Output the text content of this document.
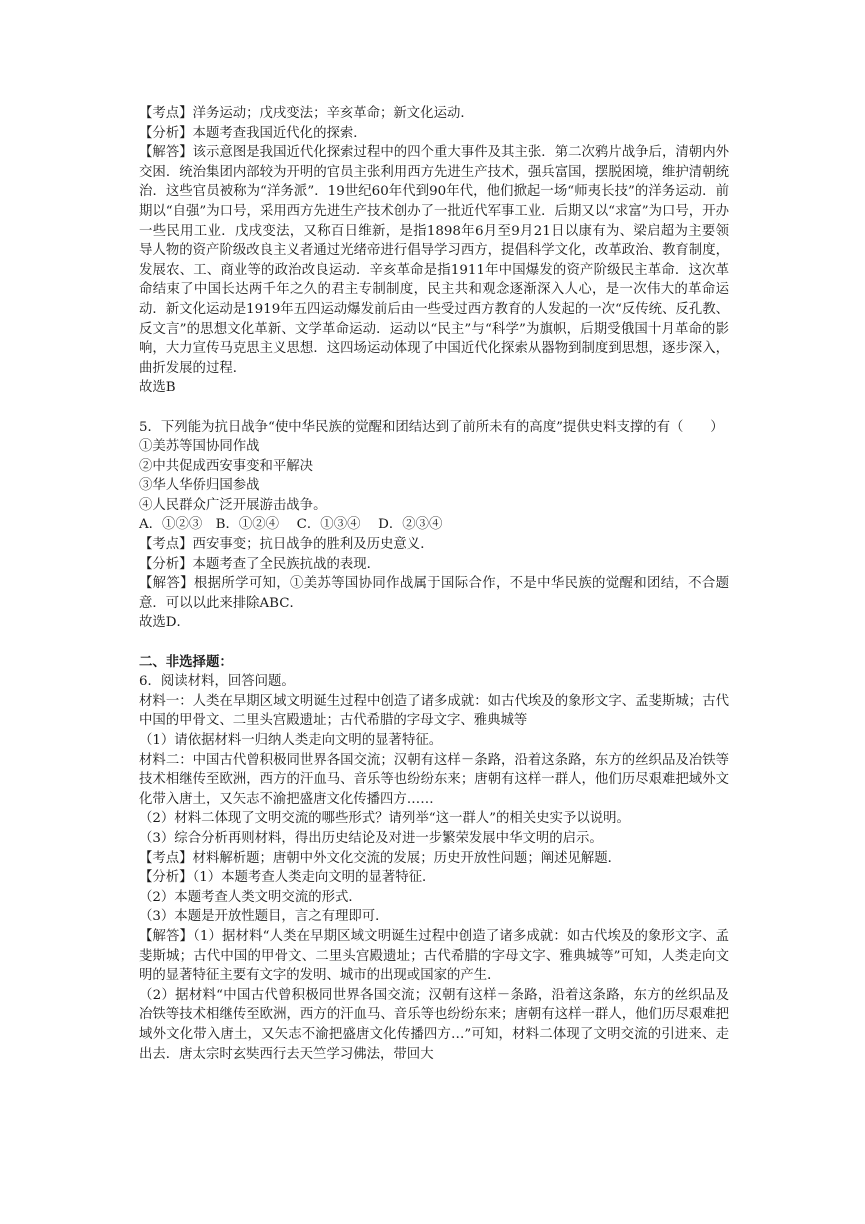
【考点】洋务运动；戊戌变法；辛亥革命；新文化运动．

【分析】本题考查我国近代化的探索．

【解答】该示意图是我国近代化探索过程中的四个重大事件及其主张．第二次鸦片战争后，清朝内外交困．统治集团内部较为开明的官员主张利用西方先进生产技术，强兵富国，摆脱困境，维护清朝统治．这些官员被称为“洋务派”．19世纪60年代到90年代，他们掀起一场“师夷长技”的洋务运动．前期以“自强”为口号，采用西方先进生产技术创办了一批近代军事工业．后期又以“求富”为口号，开办一些民用工业．戊戌变法，又称百日维新，是指1898年6月至9月21日以康有为、梁启超为主要领导人物的资产阶级改良主义者通过光绪帝进行倡导学习西方，提倡科学文化，改革政治、教育制度，发展农、工、商业等的政治改良运动．辛亥革命是指1911年中国爆发的资产阶级民主革命．这次革命结束了中国长达两千年之久的君主专制制度，民主共和观念逐渐深入人心，是一次伟大的革命运动．新文化运动是1919年五四运动爆发前后由一些受过西方教育的人发起的一次“反传统、反孔教、反文言”的思想文化革新、文学革命运动．运动以“民主”与“科学”为旗帜，后期受俄国十月革命的影响，大力宣传马克思主义思想．这四场运动体现了中国近代化探索从器物到制度到思想，逐步深入，曲折发展的过程．

故选B

5．下列能为抗日战争“使中华民族的觉醒和团结达到了前所未有的高度”提供史料支撑的有（　　）

①美苏等国协同作战

②中共促成西安事变和平解决

③华人华侨归国参战

④人民群众广泛开展游击战争。

A．①②③　B．①②④　 C．①③④　 D．②③④

【考点】西安事变；抗日战争的胜利及历史意义．

【分析】本题考查了全民族抗战的表现．

【解答】根据所学可知，①美苏等国协同作战属于国际合作，不是中华民族的觉醒和团结，不合题意．可以以此来排除ABC．

故选D．

二、非选择题：

6．阅读材料，回答问题。

材料一：人类在早期区域文明诞生过程中创造了诸多成就：如古代埃及的象形文字、孟斐斯城；古代中国的甲骨文、二里头宫殿遗址；古代希腊的字母文字、雅典城等

（1）请依据材料一归纳人类走向文明的显著特征。

材料二：中国古代曾积极同世界各国交流；汉朝有这样－条路，沿着这条路，东方的丝织品及冶铁等技术相继传至欧洲，西方的汗血马、音乐等也纷纷东来；唐朝有这样一群人，他们历尽艰难把域外文化带入唐土，又矢志不渝把盛唐文化传播四方……

（2）材料二体现了文明交流的哪些形式？请列举“这一群人”的相关史实予以说明。

（3）综合分析再则材料，得出历史结论及对进一步繁荣发展中华文明的启示。

【考点】材料解析题；唐朝中外文化交流的发展；历史开放性问题；阐述见解题．

【分析】（1）本题考查人类走向文明的显著特征．

（2）本题考查人类文明交流的形式．

（3）本题是开放性题目，言之有理即可．

【解答】（1）据材料“人类在早期区域文明诞生过程中创造了诸多成就：如古代埃及的象形文字、孟斐斯城；古代中国的甲骨文、二里头宫殿遗址；古代希腊的字母文字、雅典城等”可知，人类走向文明的显著特征主要有文字的发明、城市的出现或国家的产生．

（2）据材料“中国古代曾积极同世界各国交流；汉朝有这样－条路，沿着这条路，东方的丝织品及冶铁等技术相继传至欧洲，西方的汗血马、音乐等也纷纷东来；唐朝有这样一群人，他们历尽艰难把域外文化带入唐土，又矢志不渝把盛唐文化传播四方…”可知，材料二体现了文明交流的引进来、走出去．唐太宗时玄奘西行去天竺学习佛法，带回大
